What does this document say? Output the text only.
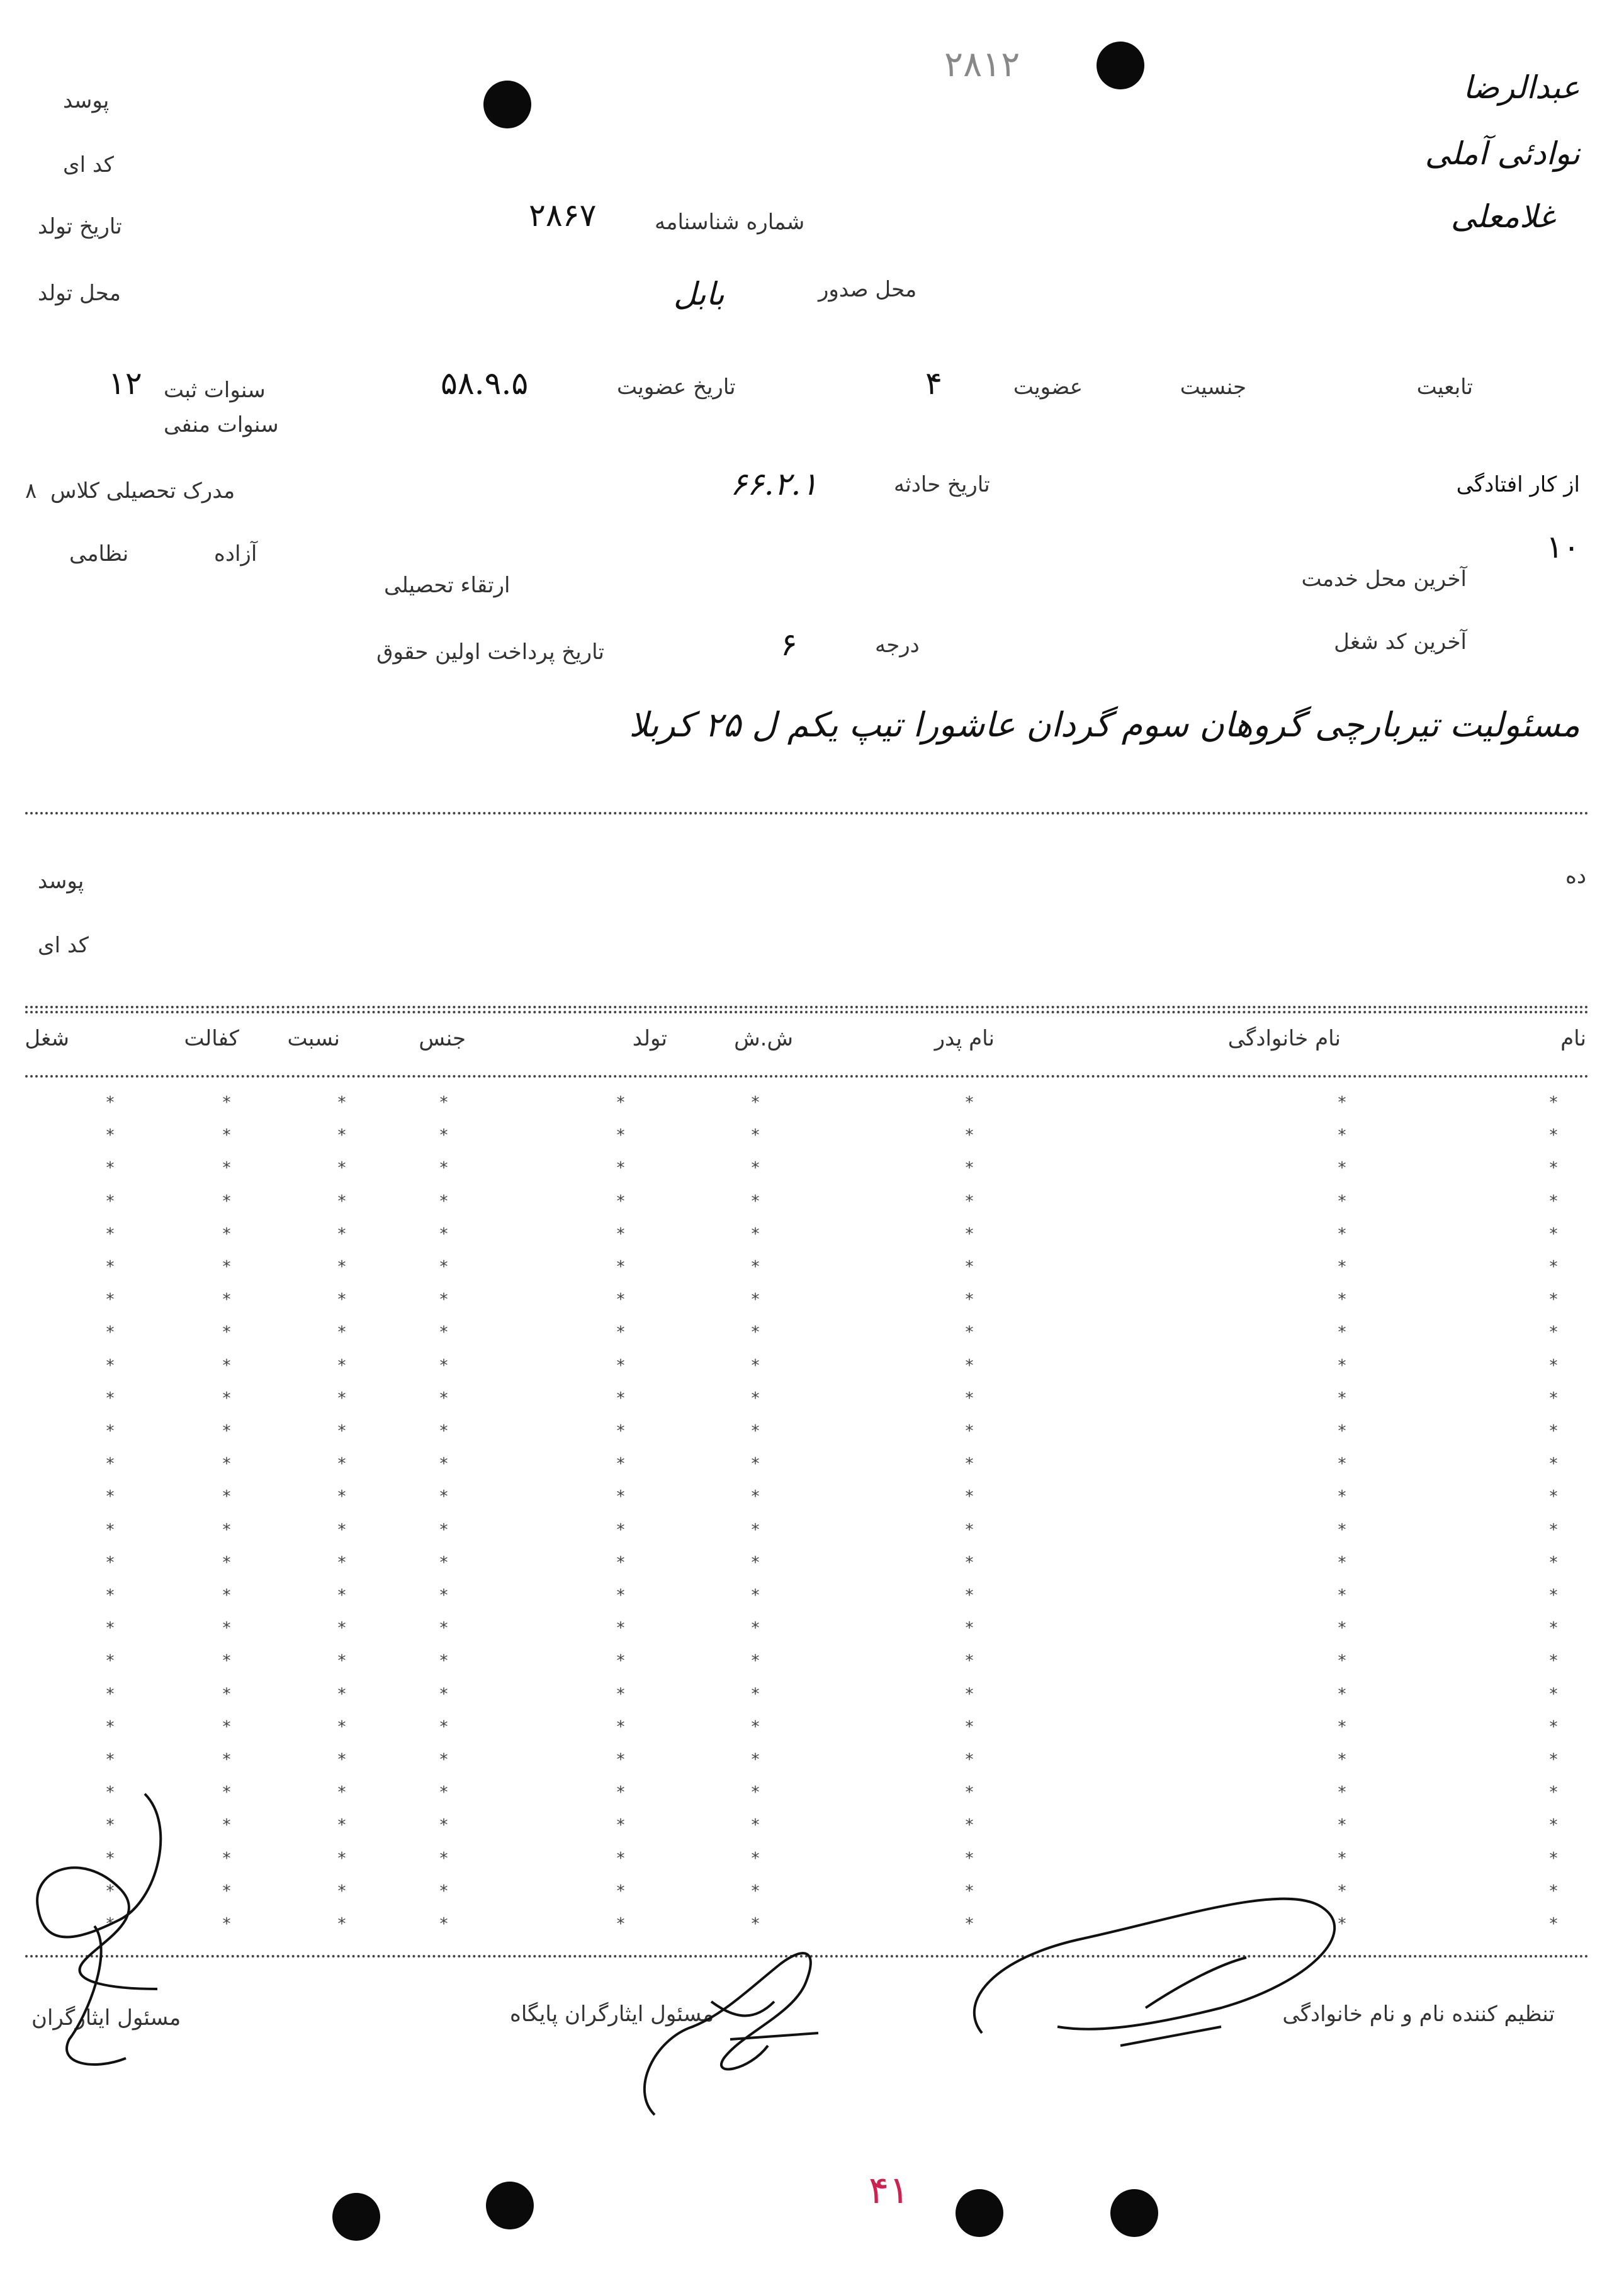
۲۸۱۲
عبدالرضا
نوادئی آملی
غلامعلی
پوسد
کد ای
تاریخ تولد
محل تولد
شماره شناسنامه
۲۸۶۷
محل صدور
بابل
تابعیت
جنسیت
عضویت
۴
تاریخ عضویت
۵۸.۹.۵
سنوات ثبت
۱۲
سنوات منفی
از کار افتادگی
تاریخ حادثه
۶۶.۲.۱
مدرک تحصیلی کلاس
۸
۱۰
آخرین محل خدمت
آخرین کد شغل
درجه
۶
ارتقاء تحصیلی
آزاده
نظامی
تاریخ پرداخت اولین حقوق
مسئولیت تیربارچی گروهان سوم گردان عاشورا تیپ یکم ل ۲۵ کربلا
ده
پوسد
کد ای
نام
نام خانوادگی
نام پدر
ش.ش
تولد
جنس
نسبت
کفالت
شغل
*
*
*
*
*
*
*
*
*
*
*
*
*
*
*
*
*
*
*
*
*
*
*
*
*
*
*
*
*
*
*
*
*
*
*
*
*
*
*
*
*
*
*
*
*
*
*
*
*
*
*
*
*
*
*
*
*
*
*
*
*
*
*
*
*
*
*
*
*
*
*
*
*
*
*
*
*
*
*
*
*
*
*
*
*
*
*
*
*
*
*
*
*
*
*
*
*
*
*
*
*
*
*
*
*
*
*
*
*
*
*
*
*
*
*
*
*
*
*
*
*
*
*
*
*
*
*
*
*
*
*
*
*
*
*
*
*
*
*
*
*
*
*
*
*
*
*
*
*
*
*
*
*
*
*
*
*
*
*
*
*
*
*
*
*
*
*
*
*
*
*
*
*
*
*
*
*
*
*
*
*
*
*
*
*
*
*
*
*
*
*
*
*
*
*
*
*
*
*
*
*
*
*
*
*
*
*
*
*
*
*
*
*
*
*
*
*
*
*
*
*
*
*
*
*
*
*
*
*
*
*
*
*
*
تنظیم کننده نام و نام خانوادگی
مسئول ایثارگران پایگاه
مسئول ایثارگران
۴۱
